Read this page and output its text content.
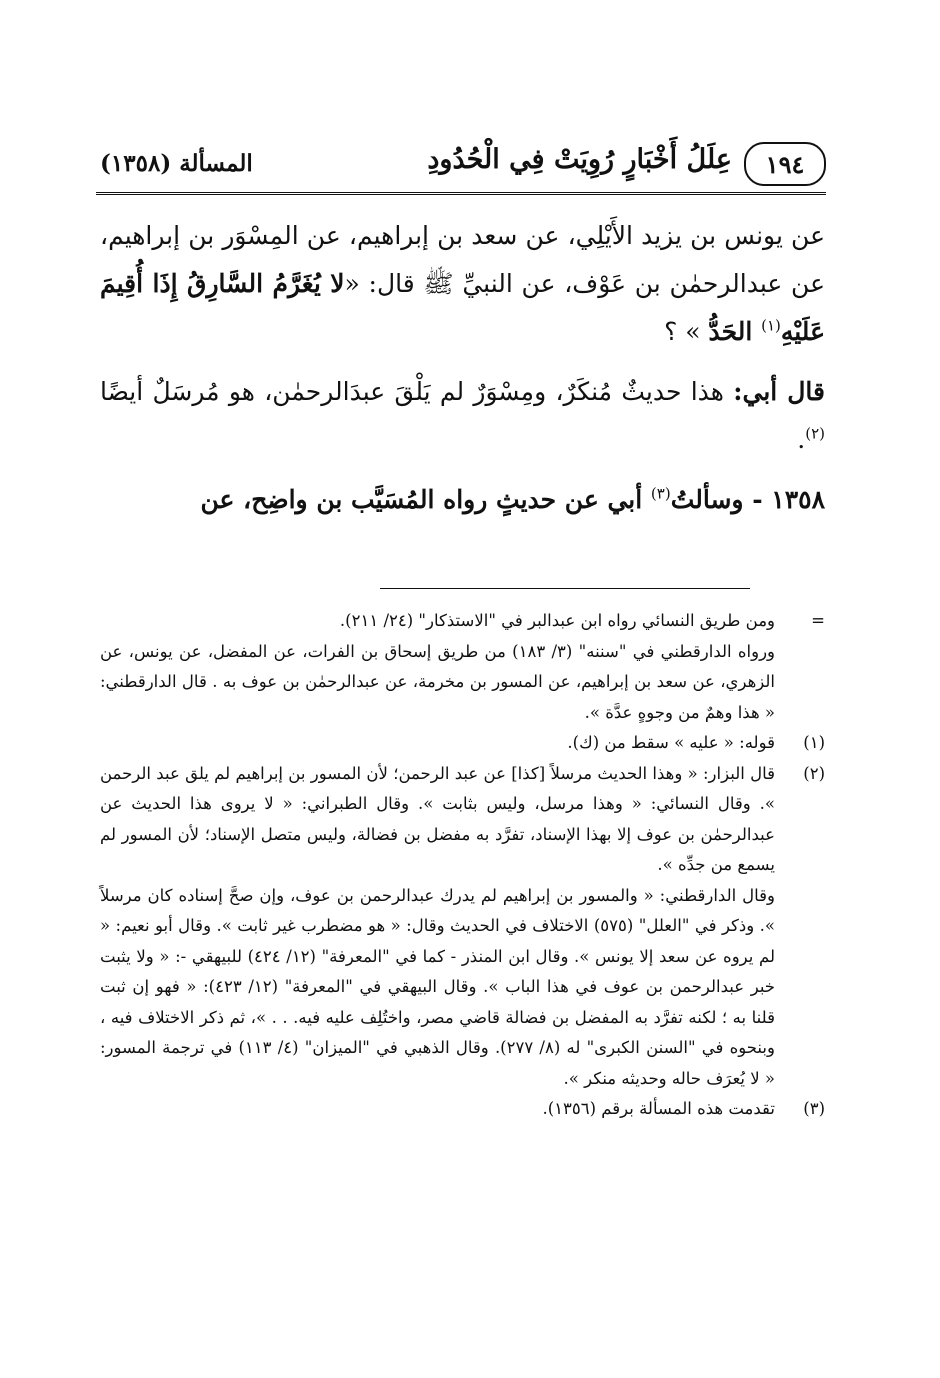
١٩٤
عِلَلُ أَخْبَارٍ رُوِيَتْ فِي الْحُدُودِ
المسألة (١٣٥٨)

عن يونس بن يزيد الأَيْلِي، عن سعد بن إبراهيم، عن المِسْوَر بن إبراهيم، عن عبدالرحمٰن بن عَوْف، عن النبيِّ ﷺ قال: «لا يُغَرَّمُ السَّارِقُ إِذَا أُقِيمَ عَلَيْهِ$^{(١)}$ الحَدُّ » ؟

قال أبي: هذا حديثٌ مُنكَرٌ، ومِسْوَرٌ لم يَلْقَ عبدَالرحمٰن، هو مُرسَلٌ أيضًا $^{(٢)}$.

١٣٥٨ - وسألتُ$^{(٣)}$ أبي عن حديثٍ رواه المُسَيَّب بن واضِح، عن

=

ومن طريق النسائي رواه ابن عبدالبر في "الاستذكار" (٢٤/ ٢١١).

ورواه الدارقطني في "سننه" (٣/ ١٨٣) من طريق إسحاق بن الفرات، عن المفضل، عن يونس، عن الزهري، عن سعد بن إبراهيم، عن المسور بن مخرمة، عن عبدالرحمٰن بن عوف به . قال الدارقطني: « هذا وهمٌ من وجوهٍ عدَّة ».

(١)

قوله: « عليه » سقط من (ك).

(٢)

قال البزار: « وهذا الحديث مرسلاً [كذا] عن عبد الرحمن؛ لأن المسور بن إبراهيم لم يلق عبد الرحمن ». وقال النسائي: « وهذا مرسل، وليس بثابت ». وقال الطبراني: « لا يروى هذا الحديث عن عبدالرحمٰن بن عوف إلا بهذا الإسناد، تفرَّد به مفضل بن فضالة، وليس متصل الإسناد؛ لأن المسور لم يسمع من جدِّه ».

وقال الدارقطني: « والمسور بن إبراهيم لم يدرك عبدالرحمن بن عوف، وإن صحَّ إسناده كان مرسلاً ». وذكر في "العلل" (٥٧٥) الاختلاف في الحديث وقال: « هو مضطرب غير ثابت ». وقال أبو نعيم: « لم يروه عن سعد إلا يونس ». وقال ابن المنذر - كما في "المعرفة" (١٢/ ٤٢٤) للبيهقي -: « ولا يثبت خبر عبدالرحمن بن عوف في هذا الباب ». وقال البيهقي في "المعرفة" (١٢/ ٤٢٣): « فهو إن ثبت قلنا به ؛ لكنه تفرَّد به المفضل بن فضالة قاضي مصر، واختُلِف عليه فيه. . . »، ثم ذكر الاختلاف فيه ، وبنحوه في "السنن الكبرى" له (٨/ ٢٧٧). وقال الذهبي في "الميزان" (٤/ ١١٣) في ترجمة المسور: « لا يُعرَف حاله وحديثه منكر ».

(٣)

تقدمت هذه المسألة برقم (١٣٥٦).
